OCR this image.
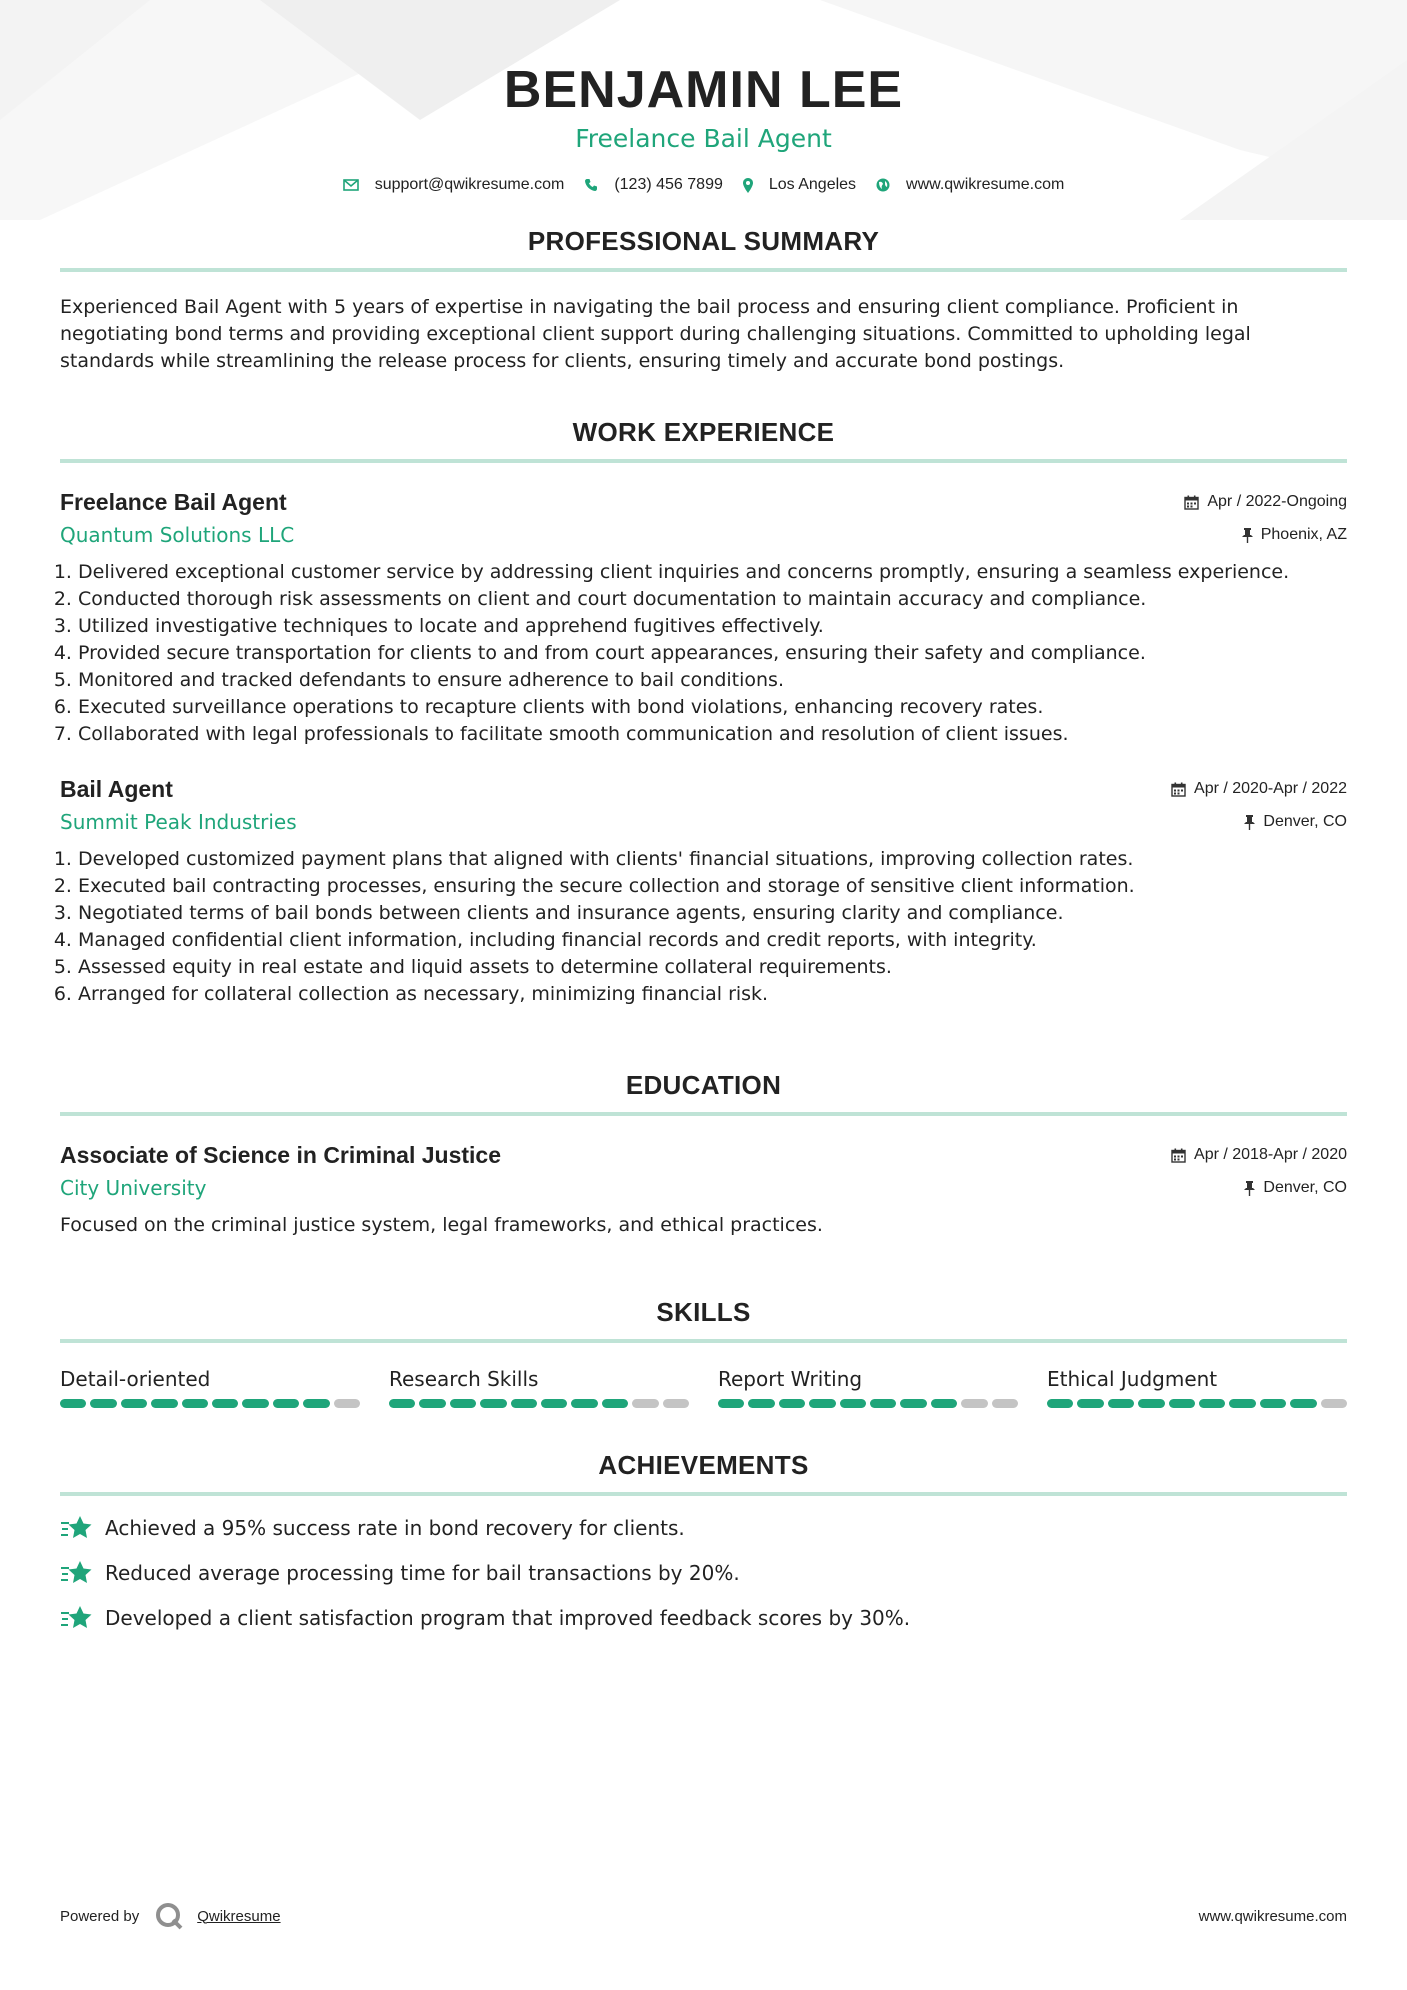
BENJAMIN LEE
Freelance Bail Agent
support@qwikresume.com	(123) 456 7899	Los Angeles	www.qwikresume.com
PROFESSIONAL SUMMARY

Experienced Bail Agent with 5 years of expertise in navigating the bail process and ensuring client compliance. Proficient in negotiating bond terms and providing exceptional client support during challenging situations. Committed to upholding legal standards while streamlining the release process for clients, ensuring timely and accurate bond postings.

WORK EXPERIENCE
Freelance Bail Agent	Apr / 2022-Ongoing
Quantum Solutions LLC	Phoenix, AZ
1. Delivered exceptional customer service by addressing client inquiries and concerns promptly, ensuring a seamless experience.
2. Conducted thorough risk assessments on client and court documentation to maintain accuracy and compliance.
3. Utilized investigative techniques to locate and apprehend fugitives effectively.
4. Provided secure transportation for clients to and from court appearances, ensuring their safety and compliance.
5. Monitored and tracked defendants to ensure adherence to bail conditions.
6. Executed surveillance operations to recapture clients with bond violations, enhancing recovery rates.
7. Collaborated with legal professionals to facilitate smooth communication and resolution of client issues.
Bail Agent	Apr / 2020-Apr / 2022
Summit Peak Industries	Denver, CO
1. Developed customized payment plans that aligned with clients' financial situations, improving collection rates.
2. Executed bail contracting processes, ensuring the secure collection and storage of sensitive client information.
3. Negotiated terms of bail bonds between clients and insurance agents, ensuring clarity and compliance.
4. Managed confidential client information, including financial records and credit reports, with integrity.
5. Assessed equity in real estate and liquid assets to determine collateral requirements.
6. Arranged for collateral collection as necessary, minimizing financial risk.
EDUCATION
Associate of Science in Criminal Justice	Apr / 2018-Apr / 2020
City University	Denver, CO
Focused on the criminal justice system, legal frameworks, and ethical practices.
SKILLS
Detail-oriented	Research Skills	Report Writing	Ethical Judgment
ACHIEVEMENTS
Achieved a 95% success rate in bond recovery for clients.
Reduced average processing time for bail transactions by 20%.
Developed a client satisfaction program that improved feedback scores by 30%.
Powered by	Qwikresume	www.qwikresume.com
